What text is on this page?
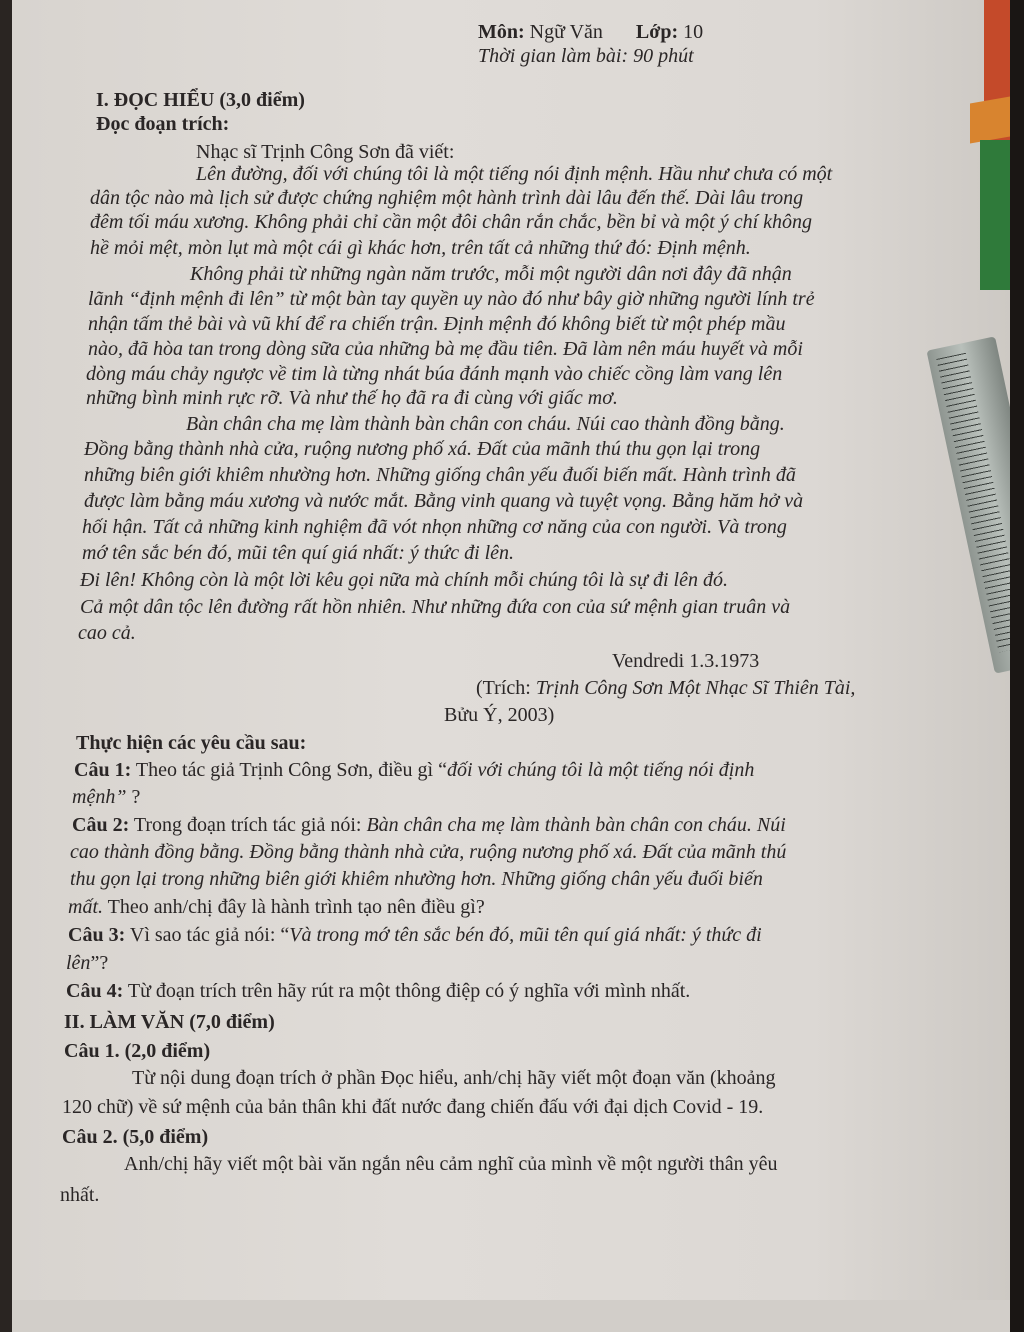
Môn: Ngữ Văn Lớp: 10
Thời gian làm bài: 90 phút
I. ĐỌC HIỂU (3,0 điểm)
Đọc đoạn trích:
Nhạc sĩ Trịnh Công Sơn đã viết:
Lên đường, đối với chúng tôi là một tiếng nói định mệnh. Hầu như chưa có một
dân tộc nào mà lịch sử được chứng nghiệm một hành trình dài lâu đến thế. Dài lâu trong
đêm tối máu xương. Không phải chỉ cần một đôi chân rắn chắc, bền bỉ và một ý chí không
hề mỏi mệt, mòn lụt mà một cái gì khác hơn, trên tất cả những thứ đó: Định mệnh.
Không phải từ những ngàn năm trước, mỗi một người dân nơi đây đã nhận
lãnh “định mệnh đi lên” từ một bàn tay quyền uy nào đó như bây giờ những người lính trẻ
nhận tấm thẻ bài và vũ khí để ra chiến trận. Định mệnh đó không biết từ một phép mầu
nào, đã hòa tan trong dòng sữa của những bà mẹ đầu tiên. Đã làm nên máu huyết và mỗi
dòng máu chảy ngược về tim là từng nhát búa đánh mạnh vào chiếc cồng làm vang lên
những bình minh rực rỡ. Và như thế họ đã ra đi cùng với giấc mơ.
Bàn chân cha mẹ làm thành bàn chân con cháu. Núi cao thành đồng bằng.
Đồng bằng thành nhà cửa, ruộng nương phố xá. Đất của mãnh thú thu gọn lại trong
những biên giới khiêm nhường hơn. Những giống chân yếu đuối biến mất. Hành trình đã
được làm bằng máu xương và nước mắt. Bằng vinh quang và tuyệt vọng. Bằng hăm hở và
hối hận. Tất cả những kinh nghiệm đã vót nhọn những cơ năng của con người. Và trong
mớ tên sắc bén đó, mũi tên quí giá nhất: ý thức đi lên.
Đi lên! Không còn là một lời kêu gọi nữa mà chính mỗi chúng tôi là sự đi lên đó.
Cả một dân tộc lên đường rất hồn nhiên. Như những đứa con của sứ mệnh gian truân và
cao cả.
Vendredi 1.3.1973
(Trích: Trịnh Công Sơn Một Nhạc Sĩ Thiên Tài,
Bửu Ý, 2003)
Thực hiện các yêu cầu sau:
Câu 1: Theo tác giả Trịnh Công Sơn, điều gì “đối với chúng tôi là một tiếng nói định
mệnh” ?
Câu 2: Trong đoạn trích tác giả nói: Bàn chân cha mẹ làm thành bàn chân con cháu. Núi
cao thành đồng bằng. Đồng bằng thành nhà cửa, ruộng nương phố xá. Đất của mãnh thú
thu gọn lại trong những biên giới khiêm nhường hơn. Những giống chân yếu đuối biến
mất. Theo anh/chị đây là hành trình tạo nên điều gì?
Câu 3: Vì sao tác giả nói: “Và trong mớ tên sắc bén đó, mũi tên quí giá nhất: ý thức đi
lên”?
Câu 4: Từ đoạn trích trên hãy rút ra một thông điệp có ý nghĩa với mình nhất.
II. LÀM VĂN (7,0 điểm)
Câu 1. (2,0 điểm)
Từ nội dung đoạn trích ở phần Đọc hiểu, anh/chị hãy viết một đoạn văn (khoảng
120 chữ) về sứ mệnh của bản thân khi đất nước đang chiến đấu với đại dịch Covid - 19.
Câu 2. (5,0 điểm)
Anh/chị hãy viết một bài văn ngắn nêu cảm nghĩ của mình về một người thân yêu
nhất.
